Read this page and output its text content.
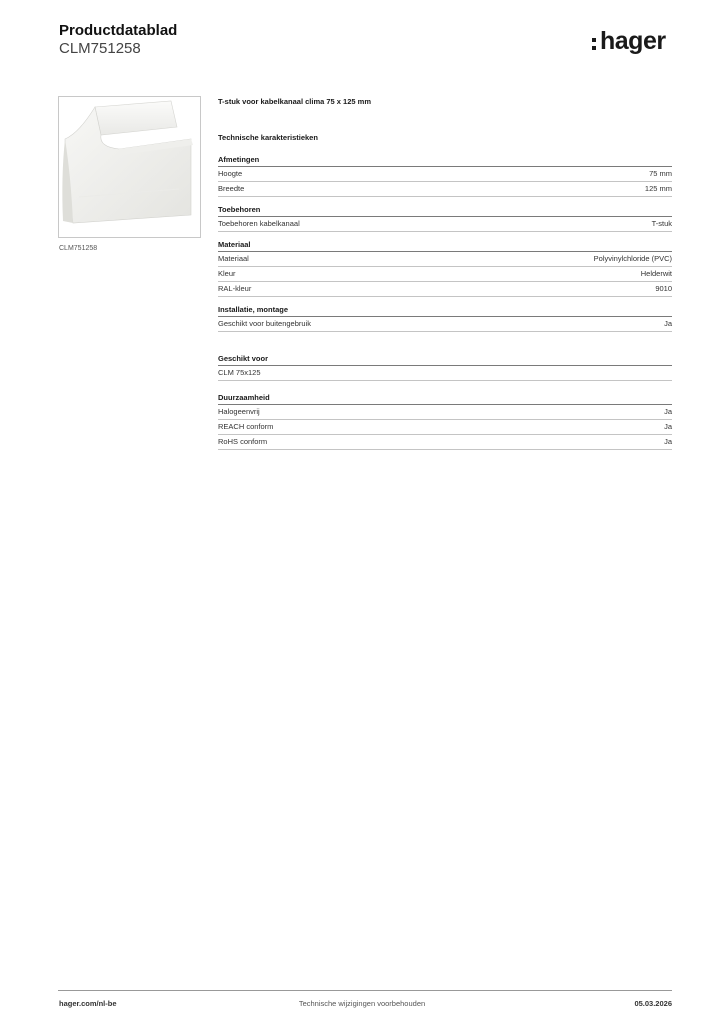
Productdatablad
CLM751258	hager
CLM751258
T-stuk voor kabelkanaal clima 75 x 125 mm
Technische karakteristieken
Afmetingen
Hoogte	75 mm
Breedte	125 mm
Toebehoren
Toebehoren kabelkanaal	T-stuk
Materiaal
Materiaal	Polyvinylchloride (PVC)
Kleur	Helderwit
RAL-kleur	9010
Installatie, montage
Geschikt voor buitengebruik	Ja
Geschikt voor
CLM 75x125
Duurzaamheid
Halogeenvrij	Ja
REACH conform	Ja
RoHS conform	Ja
hager.com/nl-be	Technische wijzigingen voorbehouden	05.03.2026
